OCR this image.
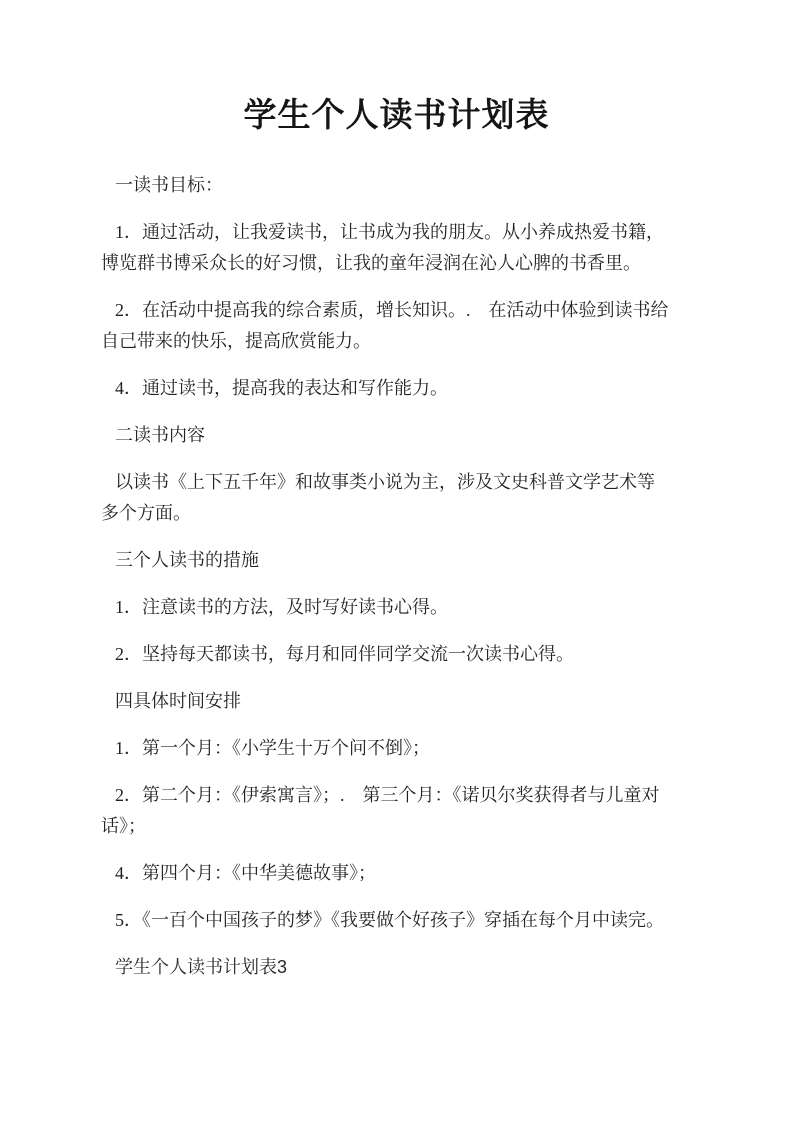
学生个人读书计划表

一读书目标：

1．通过活动，让我爱读书，让书成为我的朋友。从小养成热爱书籍，博览群书博采众长的好习惯，让我的童年浸润在沁人心脾的书香里。

2．在活动中提高我的综合素质，增长知识。.　在活动中体验到读书给自己带来的快乐，提高欣赏能力。

4．通过读书，提高我的表达和写作能力。

二读书内容

以读书《上下五千年》和故事类小说为主，涉及文史科普文学艺术等多个方面。

三个人读书的措施

1．注意读书的方法，及时写好读书心得。

2．坚持每天都读书，每月和同伴同学交流一次读书心得。

四具体时间安排

1．第一个月：《小学生十万个问不倒》；

2．第二个月：《伊索寓言》；.　第三个月：《诺贝尔奖获得者与儿童对话》；

4．第四个月：《中华美德故事》；

5．《一百个中国孩子的梦》《我要做个好孩子》穿插在每个月中读完。

学生个人读书计划表3
